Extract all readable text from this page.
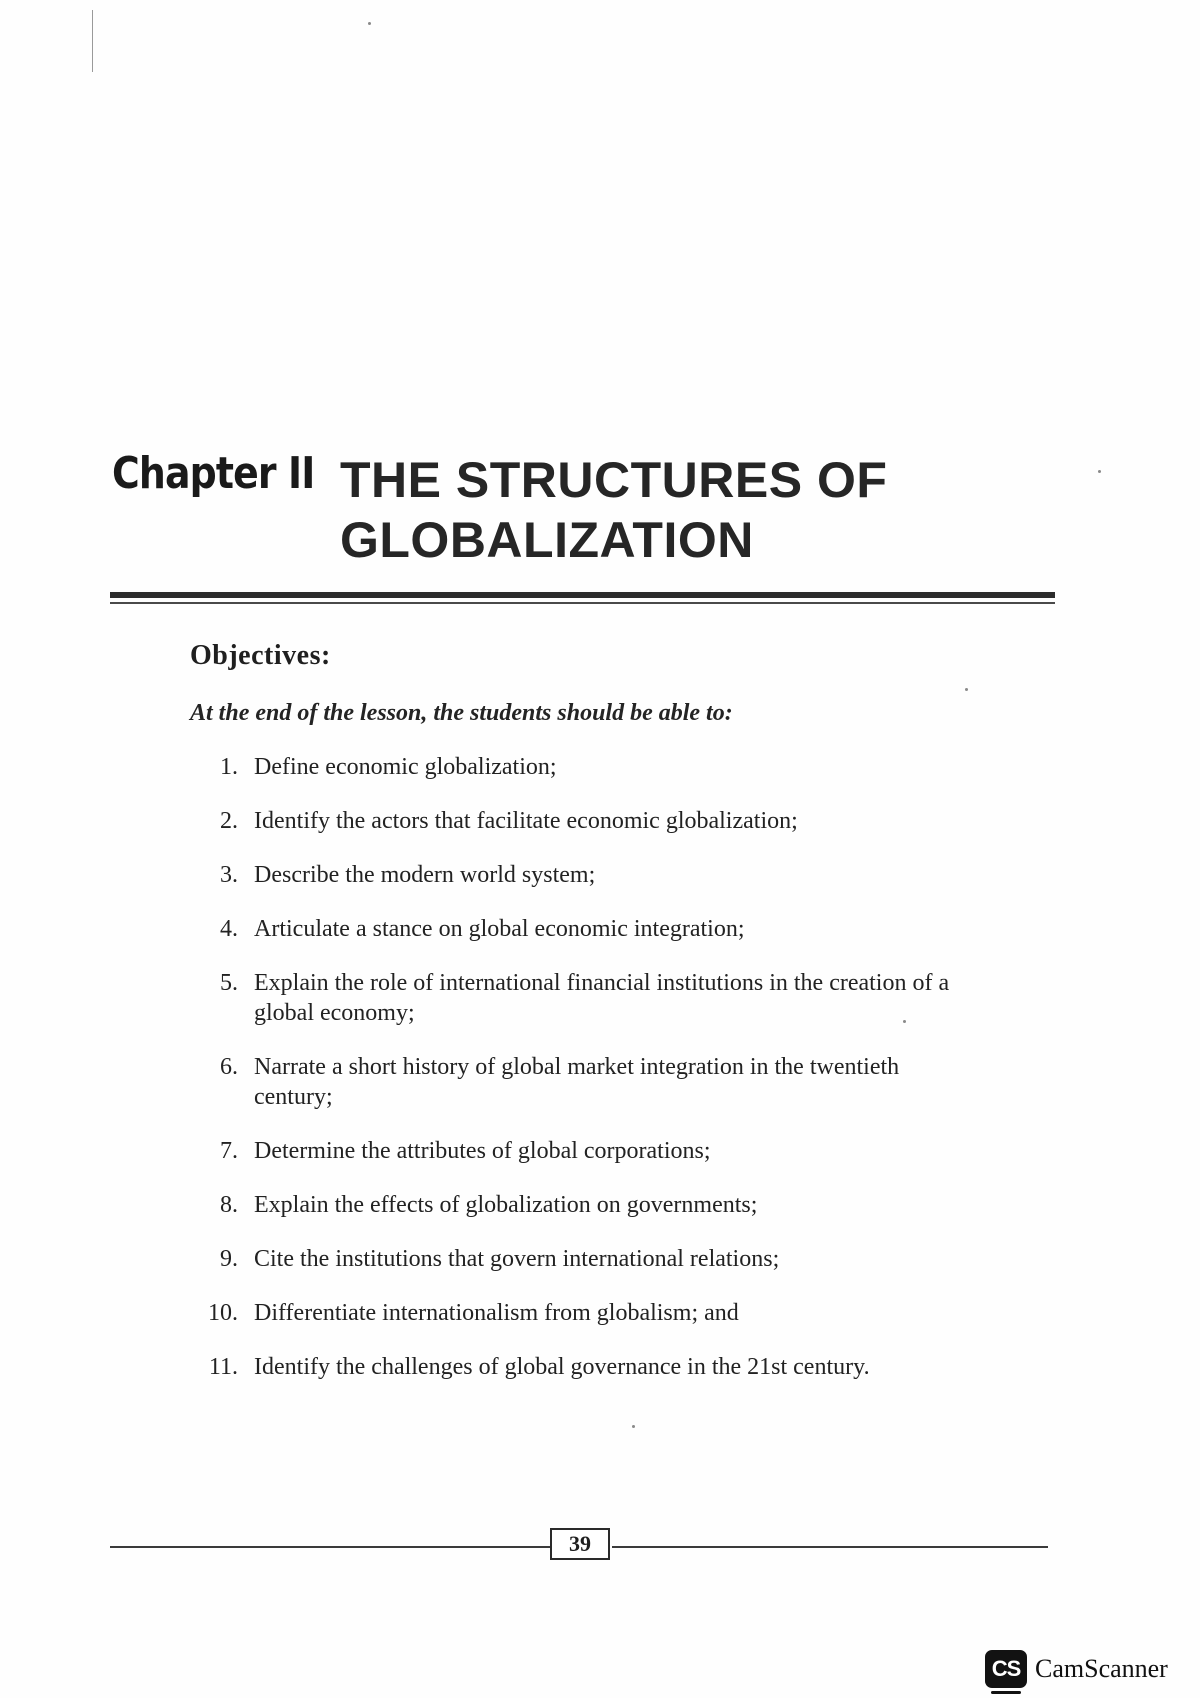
Chapter II THE STRUCTURES OF
GLOBALIZATION
Objectives:
At the end of the lesson, the students should be able to:
1. Define economic globalization;
2. Identify the actors that facilitate economic globalization;
3. Describe the modern world system;
4. Articulate a stance on global economic integration;
5. Explain the role of international financial institutions in the creation of a global economy;
6. Narrate a short history of global market integration in the twentieth century;
7. Determine the attributes of global corporations;
8. Explain the effects of globalization on governments;
9. Cite the institutions that govern international relations;
10. Differentiate internationalism from globalism; and
11. Identify the challenges of global governance in the 21st century.
39
CS CamScanner
